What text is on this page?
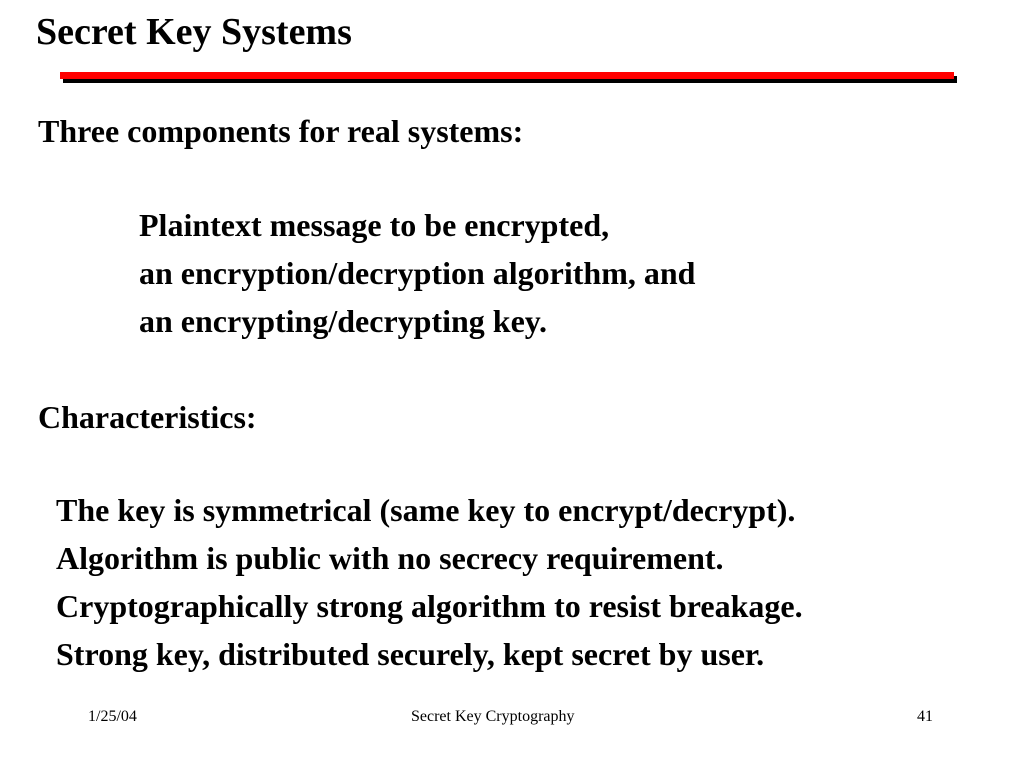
Secret Key Systems
Three components for real systems:
Plaintext message to be encrypted,
an encryption/decryption algorithm, and
an encrypting/decrypting key.
Characteristics:
The key is symmetrical (same key to encrypt/decrypt).
Algorithm is public with no secrecy requirement.
Cryptographically strong algorithm to resist breakage.
Strong key, distributed securely, kept secret by user.
1/25/04	Secret Key Cryptography	41
